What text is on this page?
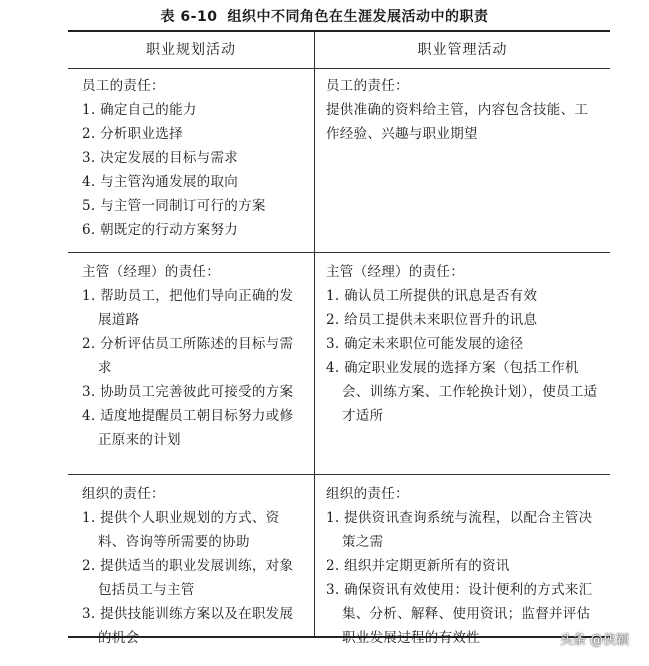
表 6-10 组织中不同角色在生涯发展活动中的职责
职业规划活动	职业管理活动
员工的责任：
1. 确定自己的能力
2. 分析职业选择
3. 决定发展的目标与需求
4. 与主管沟通发展的取向
5. 与主管一同制订可行的方案
6. 朝既定的行动方案努力
员工的责任：
提供准确的资料给主管，内容包含技能、工作经验、兴趣与职业期望
主管（经理）的责任：
1. 帮助员工，把他们导向正确的发展道路
2. 分析评估员工所陈述的目标与需求
3. 协助员工完善彼此可接受的方案
4. 适度地提醒员工朝目标努力或修正原来的计划
主管（经理）的责任：
1. 确认员工所提供的讯息是否有效
2. 给员工提供未来职位晋升的讯息
3. 确定未来职位可能发展的途径
4. 确定职业发展的选择方案（包括工作机会、训练方案、工作轮换计划），使员工适才适所
组织的责任：
1. 提供个人职业规划的方式、资料、咨询等所需要的协助
2. 提供适当的职业发展训练，对象包括员工与主管
3. 提供技能训练方案以及在职发展的机会
组织的责任：
1. 提供资讯查询系统与流程，以配合主管决策之需
2. 组织并定期更新所有的资讯
3. 确保资讯有效使用：设计便利的方式来汇集、分析、解释、使用资讯；监督并评估职业发展过程的有效性	头条 @侠颖
